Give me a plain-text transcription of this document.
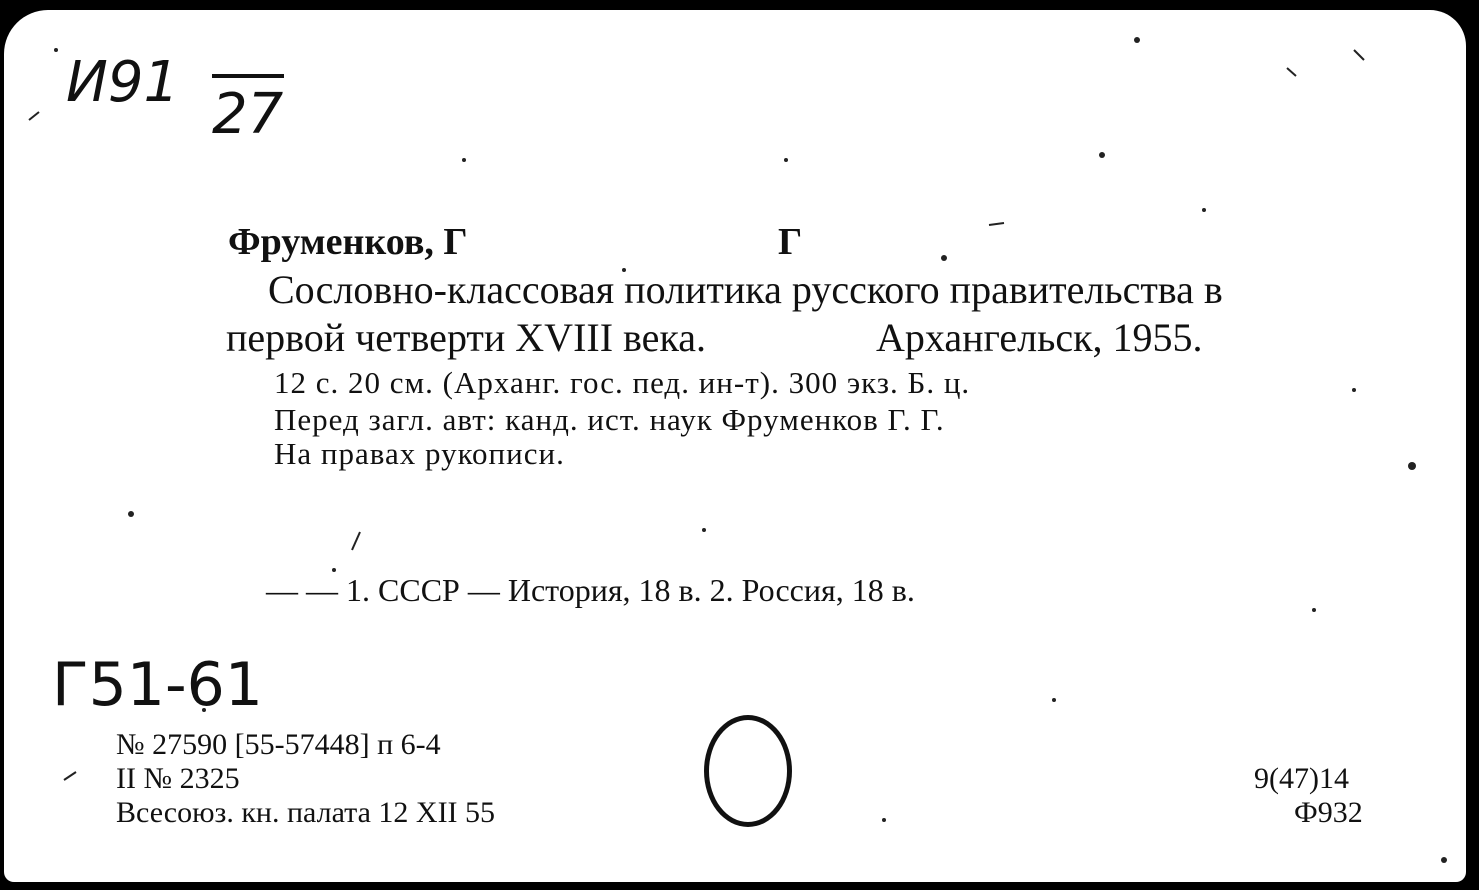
И91 27
Фруменков, Г	Г
Сословно-классовая политика русского правительства в
первой четверти XVIII века.	Архангельск, 1955.
12 с. 20 см. (Арханг. гос. пед. ин-т). 300 экз. Б. ц.
Перед загл. авт: канд. ист. наук Фруменков Г. Г.
На правах рукописи.
— — 1. СССР — История, 18 в. 2. Россия, 18 в.
Г51-61
№ 27590 [55-57448] п 6-4
II № 2325
Всесоюз. кн. палата 12 XII 55
9(47)14
Ф932
